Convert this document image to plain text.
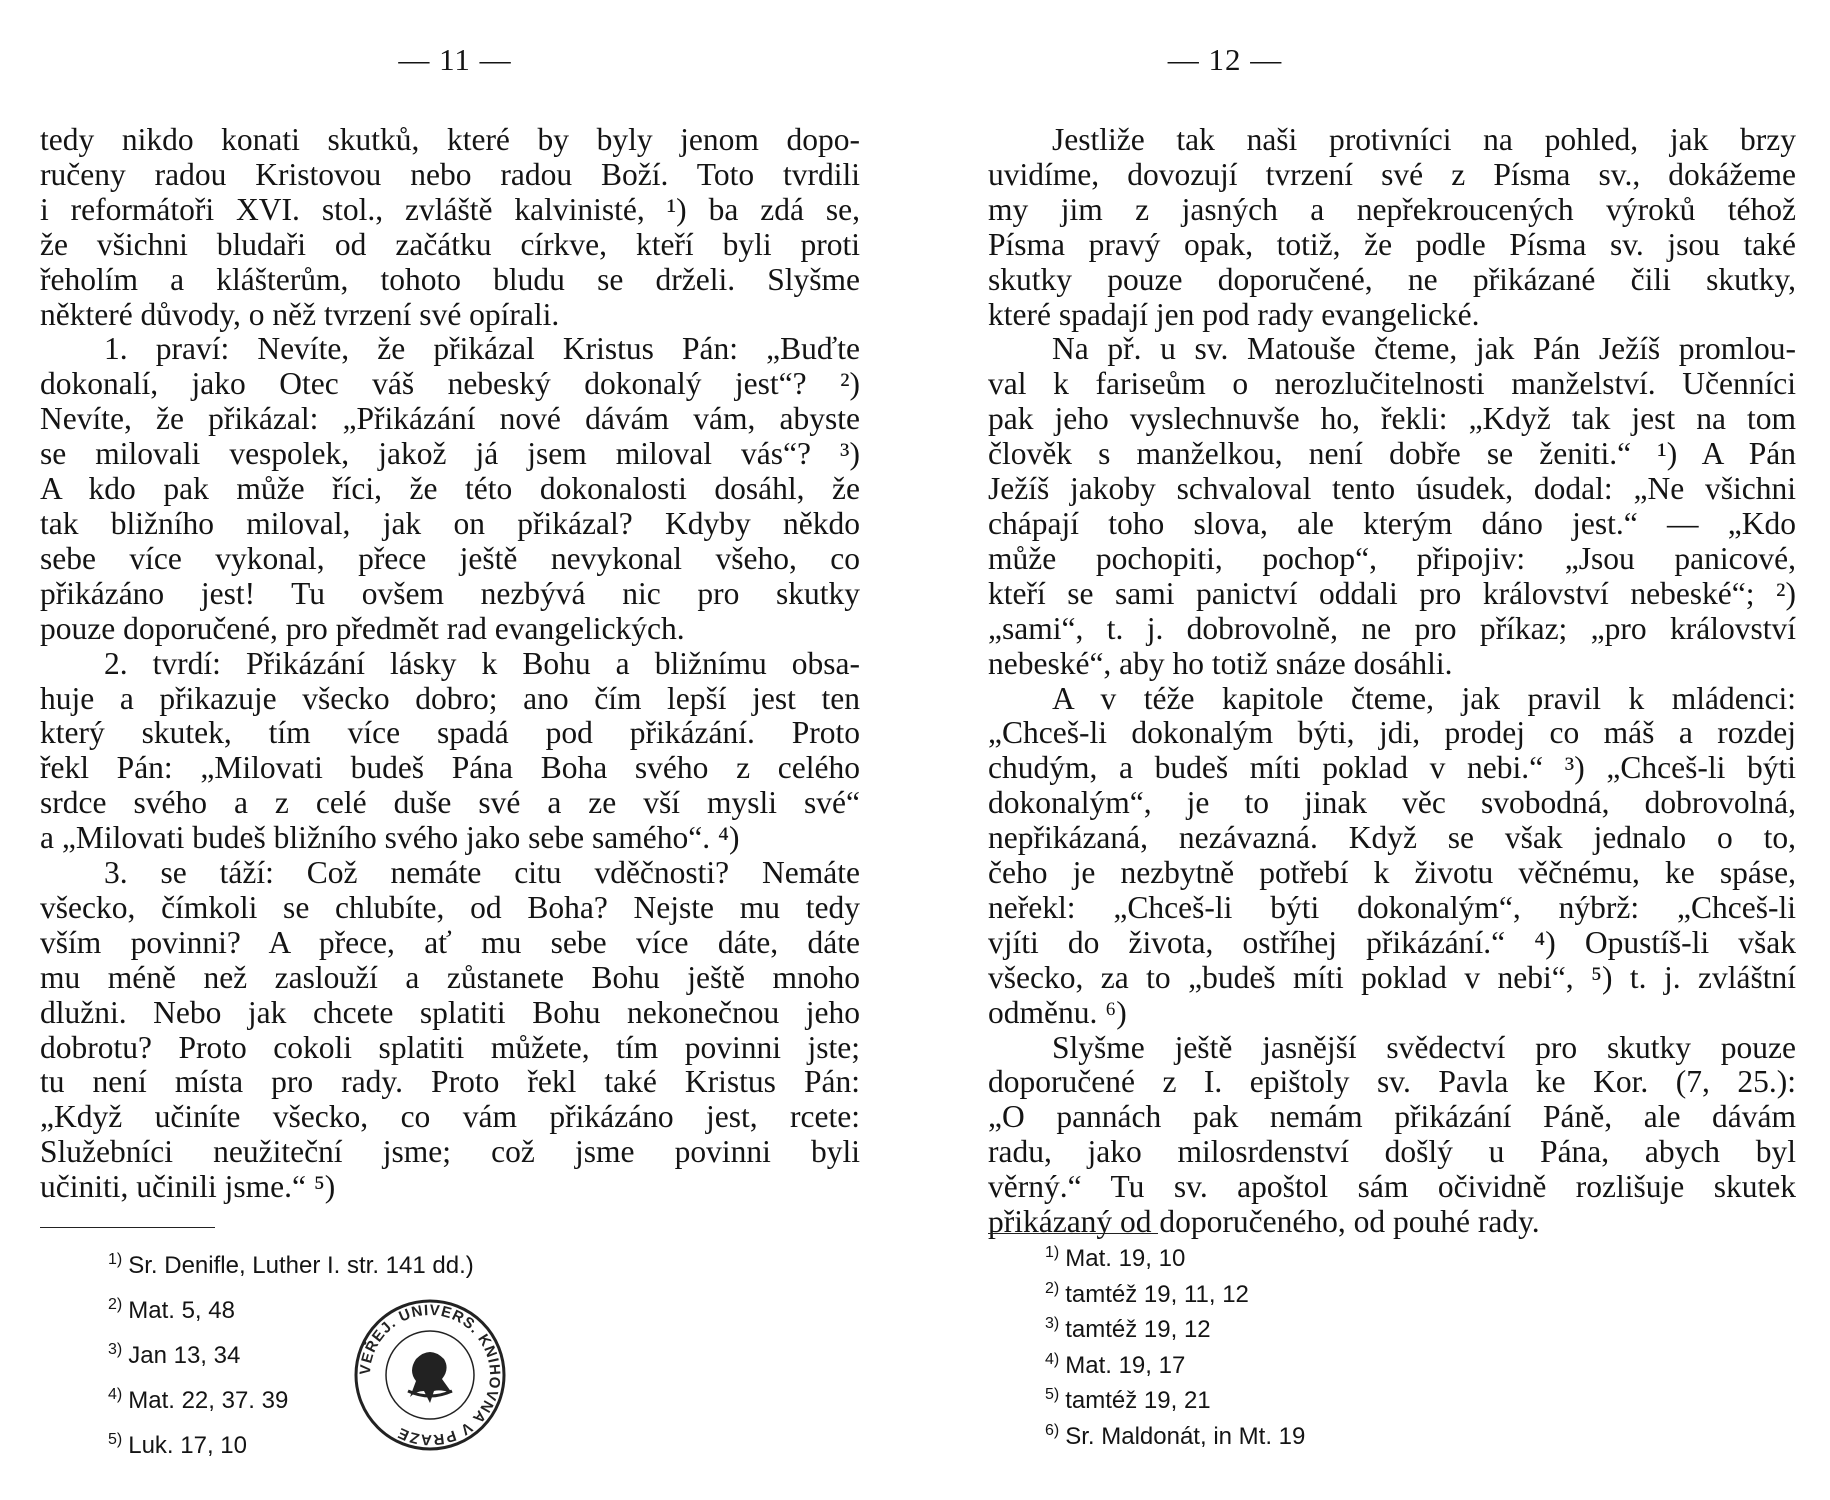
— 11 —
tedy nikdo konati skutků, které by byly jenom dopo-
ručeny radou Kristovou nebo radou Boží. Toto tvrdili
i reformátoři XVI. stol., zvláště kalvinisté, ¹) ba zdá se,
že všichni bludaři od začátku církve, kteří byli proti
řeholím a klášterům, tohoto bludu se drželi. Slyšme
některé důvody, o něž tvrzení své opírali.
1. praví: Nevíte, že přikázal Kristus Pán: „Buďte
dokonalí, jako Otec váš nebeský dokonalý jest“? ²)
Nevíte, že přikázal: „Přikázání nové dávám vám, abyste
se milovali vespolek, jakož já jsem miloval vás“? ³)
A kdo pak může říci, že této dokonalosti dosáhl, že
tak bližního miloval, jak on přikázal? Kdyby někdo
sebe více vykonal, přece ještě nevykonal všeho, co
přikázáno jest! Tu ovšem nezbývá nic pro skutky
pouze doporučené, pro předmět rad evangelických.
2. tvrdí: Přikázání lásky k Bohu a bližnímu obsa-
huje a přikazuje všecko dobro; ano čím lepší jest ten
který skutek, tím více spadá pod přikázání. Proto
řekl Pán: „Milovati budeš Pána Boha svého z celého
srdce svého a z celé duše své a ze vší mysli své“
a „Milovati budeš bližního svého jako sebe samého“. ⁴)
3. se táží: Což nemáte citu vděčnosti? Nemáte
všecko, čímkoli se chlubíte, od Boha? Nejste mu tedy
vším povinni? A přece, ať mu sebe více dáte, dáte
mu méně než zaslouží a zůstanete Bohu ještě mnoho
dlužni. Nebo jak chcete splatiti Bohu nekonečnou jeho
dobrotu? Proto cokoli splatiti můžete, tím povinni jste;
tu není místa pro rady. Proto řekl také Kristus Pán:
„Když učiníte všecko, co vám přikázáno jest, rcete:
Služebníci neužiteční jsme; což jsme povinni byli
učiniti, učinili jsme.“ ⁵)
$^{1)}$ Sr. Denifle, Luther I. str. 141 dd.)
$^{2)}$ Mat. 5, 48
$^{3)}$ Jan 13, 34
$^{4)}$ Mat. 22, 37. 39
$^{5)}$ Luk. 17, 10
VEŘEJ. UNIVERS. KNIHOVNA V PRAZE
— 12 —
Jestliže tak naši protivníci na pohled, jak brzy
uvidíme, dovozují tvrzení své z Písma sv., dokážeme
my jim z jasných a nepřekroucených výroků téhož
Písma pravý opak, totiž, že podle Písma sv. jsou také
skutky pouze doporučené, ne přikázané čili skutky,
které spadají jen pod rady evangelické.
Na př. u sv. Matouše čteme, jak Pán Ježíš promlou-
val k fariseům o nerozlučitelnosti manželství. Učenníci
pak jeho vyslechnuvše ho, řekli: „Když tak jest na tom
člověk s manželkou, není dobře se ženiti.“ ¹) A Pán
Ježíš jakoby schvaloval tento úsudek, dodal: „Ne všichni
chápají toho slova, ale kterým dáno jest.“ — „Kdo
může pochopiti, pochop“, připojiv: „Jsou panicové,
kteří se sami panictví oddali pro království nebeské“; ²)
„sami“, t. j. dobrovolně, ne pro příkaz; „pro království
nebeské“, aby ho totiž snáze dosáhli.
A v téže kapitole čteme, jak pravil k mládenci:
„Chceš-li dokonalým býti, jdi, prodej co máš a rozdej
chudým, a budeš míti poklad v nebi.“ ³) „Chceš-li býti
dokonalým“, je to jinak věc svobodná, dobrovolná,
nepřikázaná, nezávazná. Když se však jednalo o to,
čeho je nezbytně potřebí k životu věčnému, ke spáse,
neřekl: „Chceš-li býti dokonalým“, nýbrž: „Chceš-li
vjíti do života, ostříhej přikázání.“ ⁴) Opustíš-li však
všecko, za to „budeš míti poklad v nebi“, ⁵) t. j. zvláštní
odměnu. ⁶)
Slyšme ještě jasnější svědectví pro skutky pouze
doporučené z I. epištoly sv. Pavla ke Kor. (7, 25.):
„O pannách pak nemám přikázání Páně, ale dávám
radu, jako milosrdenství došlý u Pána, abych byl
věrný.“ Tu sv. apoštol sám očividně rozlišuje skutek
přikázaný od doporučeného, od pouhé rady.
$^{1)}$ Mat. 19, 10
$^{2)}$ tamtéž 19, 11, 12
$^{3)}$ tamtéž 19, 12
$^{4)}$ Mat. 19, 17
$^{5)}$ tamtéž 19, 21
$^{6)}$ Sr. Maldonát, in Mt. 19
